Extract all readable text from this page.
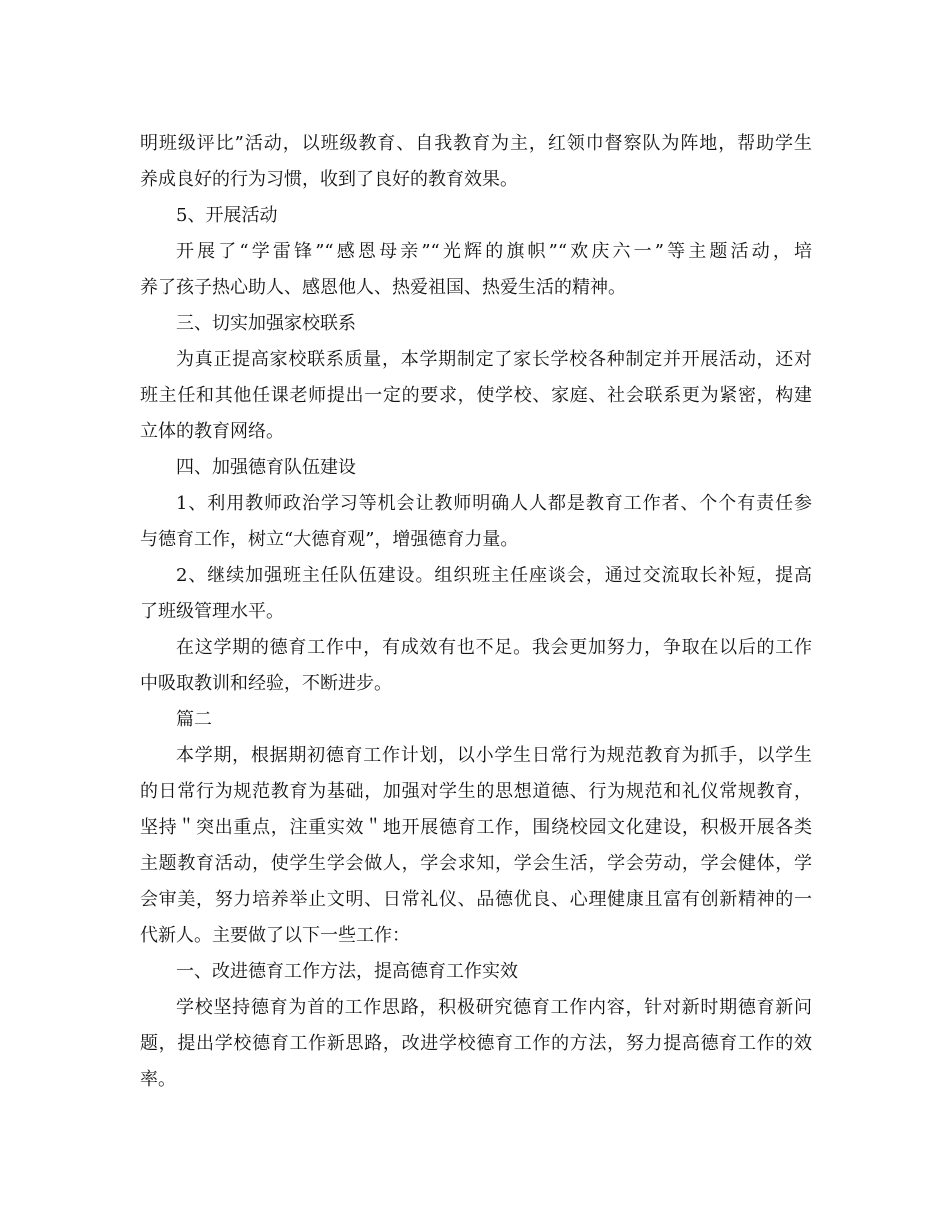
明班级评比”活动，以班级教育、自我教育为主，红领巾督察队为阵地，帮助学生
养成良好的行为习惯，收到了良好的教育效果。
5、开展活动
开展了“学雷锋”“感恩母亲”“光辉的旗帜”“欢庆六一”等主题活动，培
养了孩子热心助人、感恩他人、热爱祖国、热爱生活的精神。
三、切实加强家校联系
为真正提高家校联系质量，本学期制定了家长学校各种制定并开展活动，还对
班主任和其他任课老师提出一定的要求，使学校、家庭、社会联系更为紧密，构建
立体的教育网络。
四、加强德育队伍建设
1、利用教师政治学习等机会让教师明确人人都是教育工作者、个个有责任参
与德育工作，树立“大德育观”，增强德育力量。
2、继续加强班主任队伍建设。组织班主任座谈会，通过交流取长补短，提高
了班级管理水平。
在这学期的德育工作中，有成效有也不足。我会更加努力，争取在以后的工作
中吸取教训和经验，不断进步。
篇二
本学期，根据期初德育工作计划，以小学生日常行为规范教育为抓手，以学生
的日常行为规范教育为基础，加强对学生的思想道德、行为规范和礼仪常规教育，
坚持＂突出重点，注重实效＂地开展德育工作，围绕校园文化建设，积极开展各类
主题教育活动，使学生学会做人，学会求知，学会生活，学会劳动，学会健体，学
会审美，努力培养举止文明、日常礼仪、品德优良、心理健康且富有创新精神的一
代新人。主要做了以下一些工作：
一、改进德育工作方法，提高德育工作实效
学校坚持德育为首的工作思路，积极研究德育工作内容，针对新时期德育新问
题，提出学校德育工作新思路，改进学校德育工作的方法，努力提高德育工作的效
率。
